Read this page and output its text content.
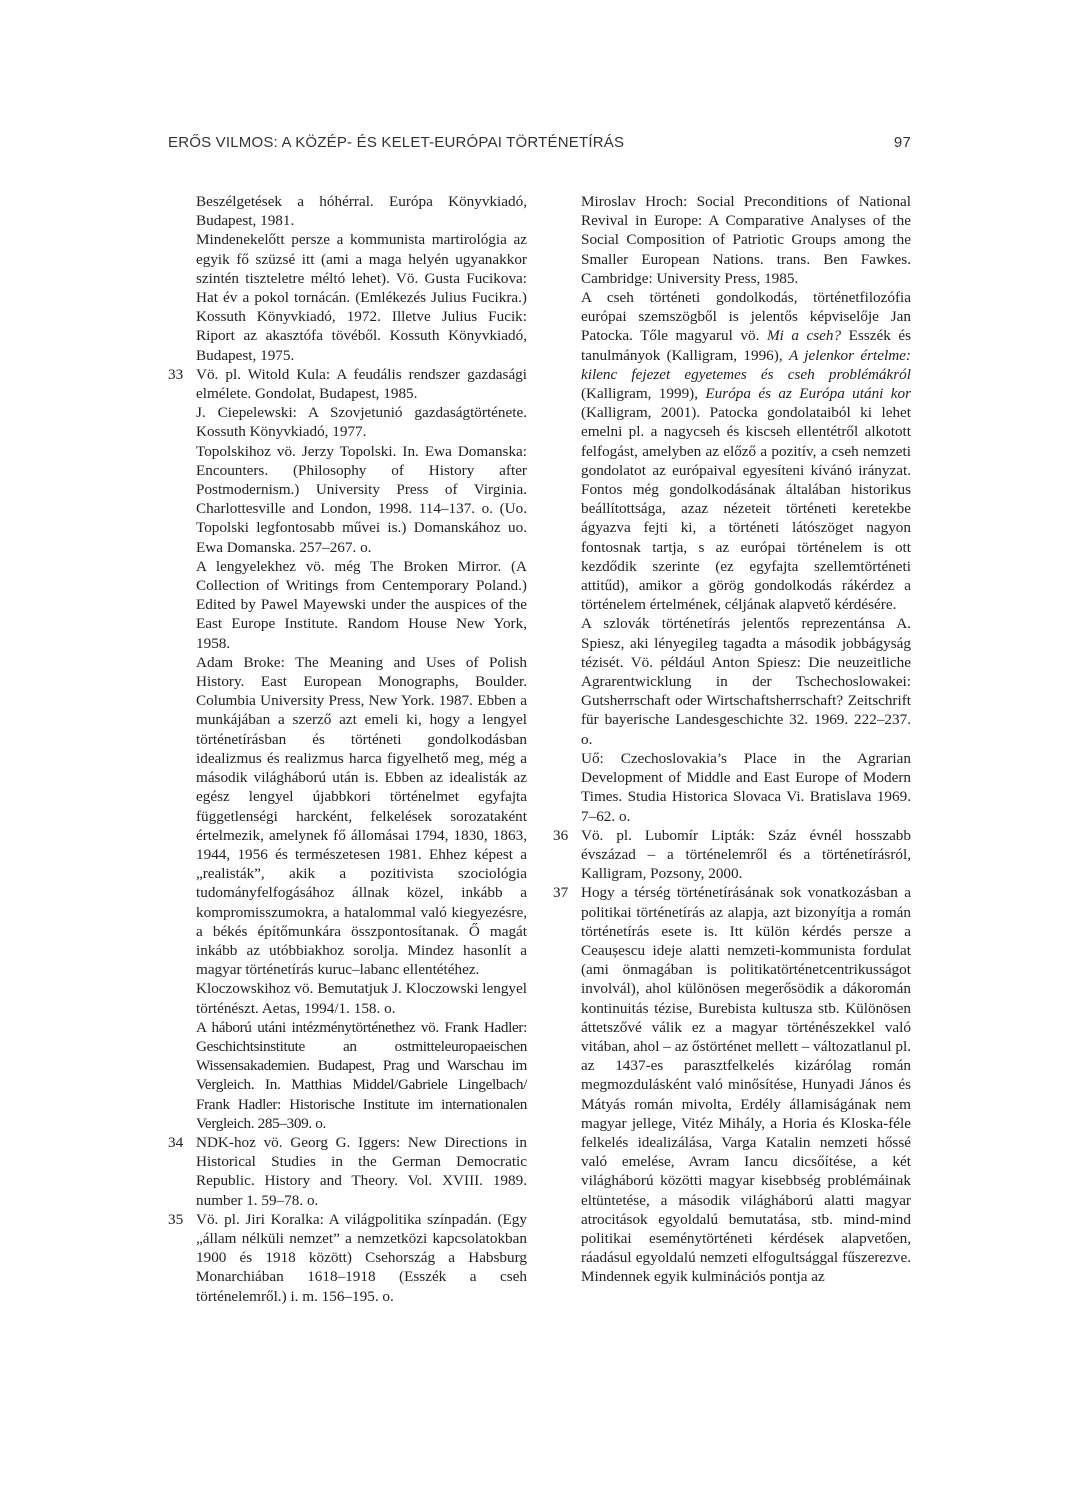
ERŐS VILMOS: A KÖZÉP- ÉS KELET-EURÓPAI TÖRTÉNETÍRÁS	97

Beszélgetések a hóhérral. Európa Könyvkiadó, Budapest, 1981.

Mindenekelőtt persze a kommunista martirológia az egyik fő szüzsé itt (ami a maga helyén ugyanakkor szintén tiszteletre méltó lehet). Vö. Gusta Fucikova: Hat év a pokol tornácán. (Emlékezés Julius Fucikra.) Kossuth Könyvkiadó, 1972. Illetve Julius Fucik: Riport az akasztófa tövéből. Kossuth Könyvkiadó, Budapest, 1975.

33 Vö. pl. Witold Kula: A feudális rendszer gazdasági elmélete. Gondolat, Budapest, 1985.

J. Ciepelewski: A Szovjetunió gazdaságtörténete. Kossuth Könyvkiadó, 1977.

Topolskihoz vö. Jerzy Topolski. In. Ewa Domanska: Encounters. (Philosophy of History after Postmodernism.) University Press of Virginia. Charlottesville and London, 1998. 114–137. o. (Uo. Topolski legfontosabb művei is.) Domanskához uo. Ewa Domanska. 257–267. o.

A lengyelekhez vö. még The Broken Mirror. (A Collection of Writings from Centemporary Poland.) Edited by Pawel Mayewski under the auspices of the East Europe Institute. Random House New York, 1958.

Adam Broke: The Meaning and Uses of Polish History. East European Monographs, Boulder. Columbia University Press, New York. 1987. Ebben a munkájában a szerző azt emeli ki, hogy a lengyel történetírásban és történeti gondolkodásban idealizmus és realizmus harca figyelhető meg, még a második világháború után is. Ebben az idealisták az egész lengyel újabbkori történelmet egyfajta függetlenségi harcként, felkelések sorozataként értelmezik, amelynek fő állomásai 1794, 1830, 1863, 1944, 1956 és természetesen 1981. Ehhez képest a „realisták”, akik a pozitivista szociológia tudományfelfogásához állnak közel, inkább a kompromisszumokra, a hatalommal való kiegyezésre, a békés építőmunkára összpontosítanak. Ő magát inkább az utóbbiakhoz sorolja. Mindez hasonlít a magyar történetírás kuruc–labanc ellentétéhez.

Kloczowskihoz vö. Bemutatjuk J. Kloczowski lengyel történészt. Aetas, 1994/1. 158. o.

A háború utáni intézménytörténethez vö. Frank Hadler: Geschichtsinstitute an ostmitteleuropaeischen Wissensakademien. Budapest, Prag und Warschau im Vergleich. In. Matthias Middel/Gabriele Lingelbach/ Frank Hadler: Historische Institute im internationalen Vergleich. 285–309. o.

34 NDK-hoz vö. Georg G. Iggers: New Directions in Historical Studies in the German Democratic Republic. History and Theory. Vol. XVIII. 1989. number 1. 59–78. o.

35 Vö. pl. Jiri Koralka: A világpolitika színpadán. (Egy „állam nélküli nemzet” a nemzetközi kapcsolatokban 1900 és 1918 között) Csehország a Habsburg Monarchiában 1618–1918 (Esszék a cseh történelemről.) i. m. 156–195. o.

Miroslav Hroch: Social Preconditions of National Revival in Europe: A Comparative Analyses of the Social Composition of Patriotic Groups among the Smaller European Nations. trans. Ben Fawkes. Cambridge: University Press, 1985.

A cseh történeti gondolkodás, történetfilozófia európai szemszögből is jelentős képviselője Jan Patocka. Tőle magyarul vö. Mi a cseh? Esszék és tanulmányok (Kalligram, 1996), A jelenkor értelme: kilenc fejezet egyetemes és cseh problémákról (Kalligram, 1999), Európa és az Európa utáni kor (Kalligram, 2001). Patocka gondolataiból ki lehet emelni pl. a nagycseh és kiscseh ellentétről alkotott felfogást, amelyben az előző a pozitív, a cseh nemzeti gondolatot az európaival egyesíteni kívánó irányzat. Fontos még gondolkodásának általában historikus beállítottsága, azaz nézeteit történeti keretekbe ágyazva fejti ki, a történeti látószöget nagyon fontosnak tartja, s az európai történelem is ott kezdődik szerinte (ez egyfajta szellemtörténeti attitűd), amikor a görög gondolkodás rákérdez a történelem értelmének, céljának alapvető kérdésére.

A szlovák történetírás jelentős reprezentánsa A. Spiesz, aki lényegileg tagadta a második jobbágyság tézisét. Vö. például Anton Spiesz: Die neuzeitliche Agrarentwicklung in der Tschechoslowakei: Gutsherrschaft oder Wirtschaftsherrschaft? Zeitschrift für bayerische Landesgeschichte 32. 1969. 222–237. o.

Uő: Czechoslovakia’s Place in the Agrarian Development of Middle and East Europe of Modern Times. Studia Historica Slovaca Vi. Bratislava 1969. 7–62. o.

36 Vö. pl. Lubomír Lipták: Száz évnél hosszabb évszázad – a történelemről és a történetírásról, Kalligram, Pozsony, 2000.

37 Hogy a térség történetírásának sok vonatkozásban a politikai történetírás az alapja, azt bizonyítja a román történetírás esete is. Itt külön kérdés persze a Ceaușescu ideje alatti nemzeti-kommunista fordulat (ami önmagában is politikatörténetcentrikusságot involvál), ahol különösen megerősödik a dákoromán kontinuitás tézise, Burebista kultusza stb. Különösen áttetszővé válik ez a magyar történészekkel való vitában, ahol – az őstörténet mellett – változatlanul pl. az 1437-es parasztfelkelés kizárólag román megmozdulásként való minősítése, Hunyadi János és Mátyás román mivolta, Erdély államiságának nem magyar jellege, Vitéz Mihály, a Horia és Kloska-féle felkelés idealizálása, Varga Katalin nemzeti hőssé való emelése, Avram Iancu dicsőítése, a két világháború közötti magyar kisebbség problémáinak eltüntetése, a második világháború alatti magyar atrocitások egyoldalú bemutatása, stb. mind-mind politikai eseménytörténeti kérdések alapvetően, ráadásul egyoldalú nemzeti elfogultsággal fűszerezve. Mindennek egyik kulminációs pontja az
